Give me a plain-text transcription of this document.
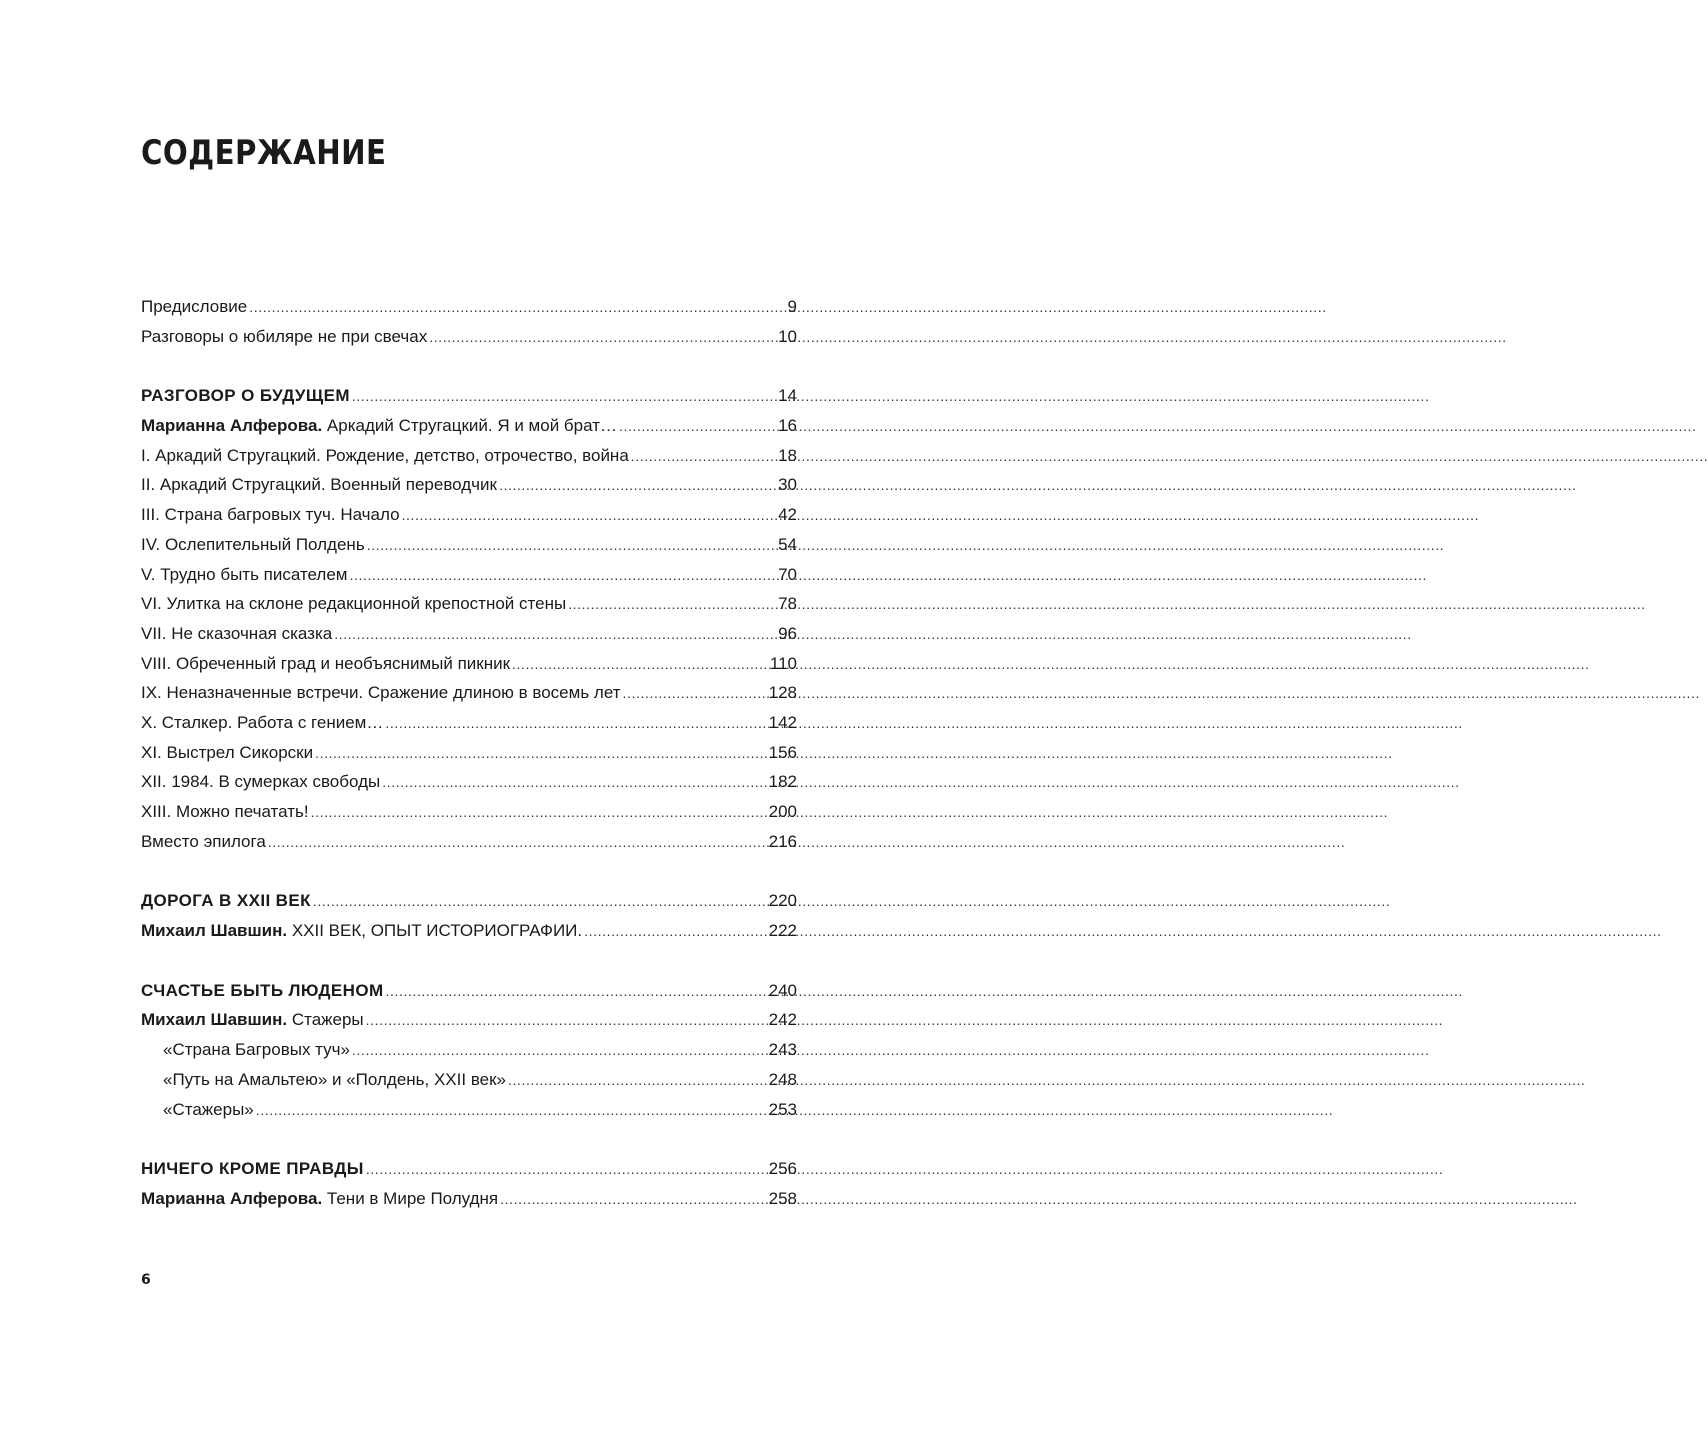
СОДЕРЖАНИЕ
Предисловие .....	9
Разговоры о юбиляре не при свечах .....	10
РАЗГОВОР О БУДУЩЕМ .....	14
Марианна Алферова. Аркадий Стругацкий. Я и мой брат… .....	16
I. Аркадий Стругацкий. Рождение, детство, отрочество, война .....	18
II. Аркадий Стругацкий. Военный переводчик .....	30
III. Страна багровых туч. Начало .....	42
IV. Ослепительный Полдень .....	54
V. Трудно быть писателем .....	70
VI. Улитка на склоне редакционной крепостной стены .....	78
VII. Не сказочная сказка .....	96
VIII. Обреченный град и необъяснимый пикник .....	110
IX. Неназначенные встречи. Сражение длиною в восемь лет .....	128
X. Сталкер. Работа с гением… .....	142
XI. Выстрел Сикорски .....	156
XII. 1984. В сумерках свободы .....	182
XIII. Можно печатать! .....	200
Вместо эпилога .....	216
ДОРОГА В XXII ВЕК .....	220
Михаил Шавшин. XXII ВЕК, ОПЫТ ИСТОРИОГРАФИИ. .....	222
СЧАСТЬЕ БЫТЬ ЛЮДЕНОМ .....	240
Михаил Шавшин. Стажеры .....	242
«Страна Багровых туч» .....	243
«Путь на Амальтею» и «Полдень, XXII век» .....	248
«Стажеры» .....	253
НИЧЕГО КРОМЕ ПРАВДЫ .....	256
Марианна Алферова. Тени в Мире Полудня .....	258
6
